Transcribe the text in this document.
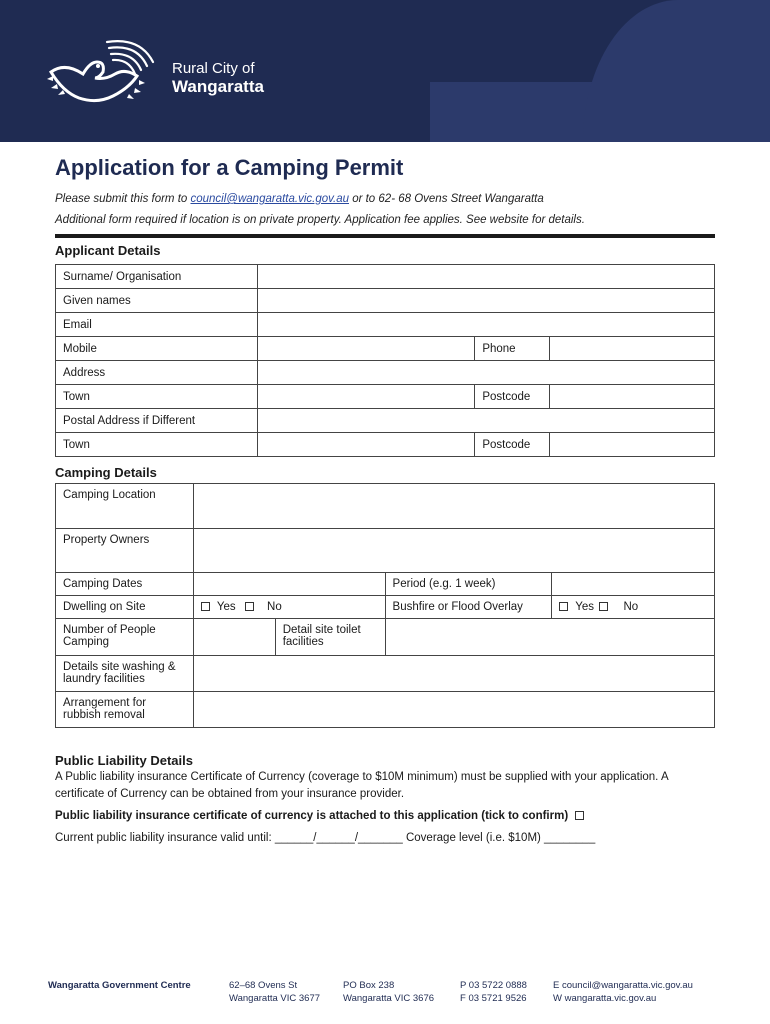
Rural City of
Wangaratta
Application for a Camping Permit
Please submit this form to council@wangaratta.vic.gov.au or to 62- 68 Ovens Street Wangaratta
Additional form required if location is on private property. Application fee applies. See website for details.
Applicant Details
Surname/ Organisation			
Given names			
Email			
Mobile		Phone	
Address			
Town		Postcode	
Postal Address if Different			
Town		Postcode	
Camping Details
Camping Location				
Property Owners				
Camping Dates			Period (e.g. 1 week)	
Dwelling on Site	Yes No		Bushfire or Flood Overlay	Yes No
Number of People Camping		Detail site toilet facilities		
Details site washing & laundry facilities				
Arrangement for rubbish removal				
Public Liability Details
A Public liability insurance Certificate of Currency (coverage to $10M minimum) must be supplied with your application. A certificate of Currency can be obtained from your insurance provider.
Public liability insurance certificate of currency is attached to this application (tick to confirm)
Current public liability insurance valid until: ______/______/_______ Coverage level (i.e. $10M) ________
Wangaratta Government Centre	62–68 Ovens St
Wangaratta VIC 3677
PO Box 238
Wangaratta VIC 3676
P 03 5722 0888
F 03 5721 9526
E council@wangaratta.vic.gov.au
W wangaratta.vic.gov.au
